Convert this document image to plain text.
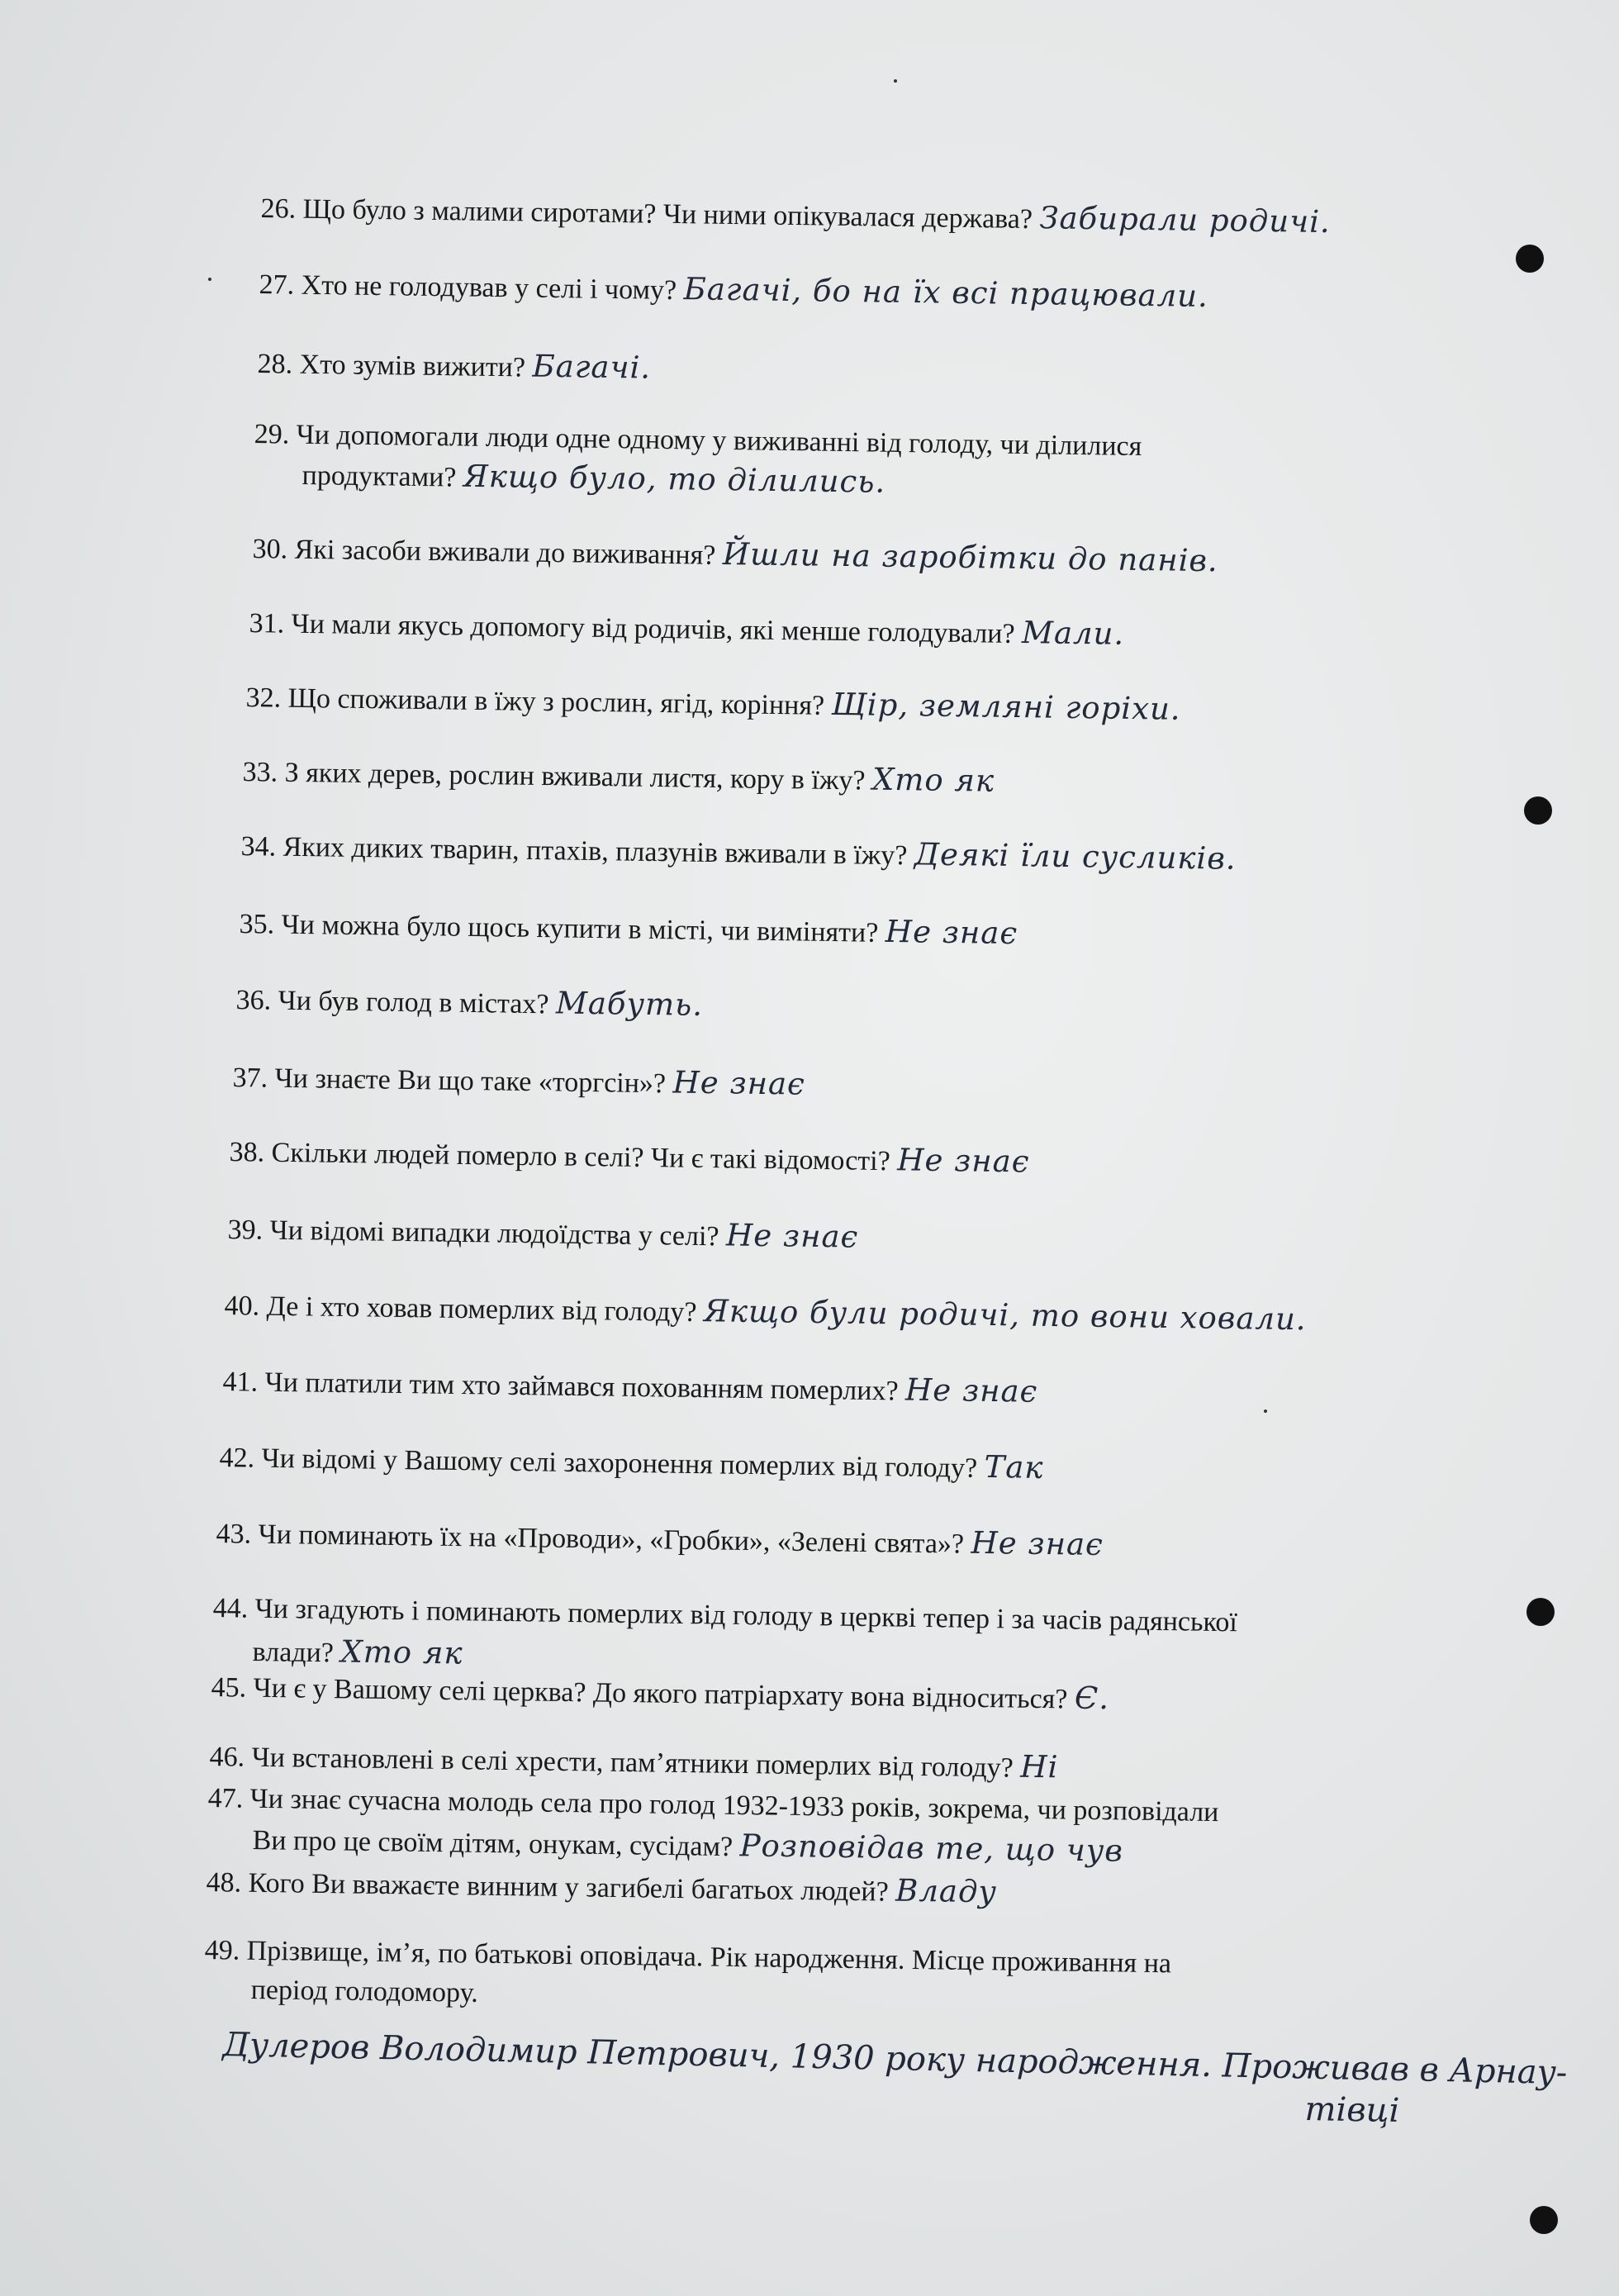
26. Що було з малими сиротами? Чи ними опікувалася держава? Забирали родичі.
27. Хто не голодував у селі і чому? Багачі, бо на їх всі працювали.
28. Хто зумів вижити? Багачі.
29. Чи допомогали люди одне одному у виживанні від голоду, чи ділилися
продуктами? Якщо було, то ділились.
30. Які засоби вживали до виживання? Йшли на заробітки до панів.
31. Чи мали якусь допомогу від родичів, які менше голодували? Мали.
32. Що споживали в їжу з рослин, ягід, коріння? Щір, земляні горіхи.
33. З яких дерев, рослин вживали листя, кору в їжу? Хто як
34. Яких диких тварин, птахів, плазунів вживали в їжу? Деякі їли сусликів.
35. Чи можна було щось купити в місті, чи виміняти? Не знає
36. Чи був голод в містах? Мабуть.
37. Чи знаєте Ви що таке «торгсін»? Не знає
38. Скільки людей померло в селі? Чи є такі відомості? Не знає
39. Чи відомі випадки людоїдства у селі? Не знає
40. Де і хто ховав померлих від голоду? Якщо були родичі, то вони ховали.
41. Чи платили тим хто займався похованням померлих? Не знає
42. Чи відомі у Вашому селі захоронення померлих від голоду? Так
43. Чи поминають їх на «Проводи», «Гробки», «Зелені свята»? Не знає
44. Чи згадують і поминають померлих від голоду в церкві тепер і за часів радянської
влади? Хто як
45. Чи є у Вашому селі церква? До якого патріархату вона відноситься? Є.
46. Чи встановлені в селі хрести, пам’ятники померлих від голоду? Ні
47. Чи знає сучасна молодь села про голод 1932-1933 років, зокрема, чи розповідали
Ви про це своїм дітям, онукам, сусідам? Розповідав те, що чув
48. Кого Ви вважаєте винним у загибелі багатьох людей? Владу
49. Прізвище, ім’я, по батькові оповідача. Рік народження. Місце проживання на
період голодомору.
Дулеров Володимир Петрович, 1930 року народження. Проживав в Арнау-
тівці
